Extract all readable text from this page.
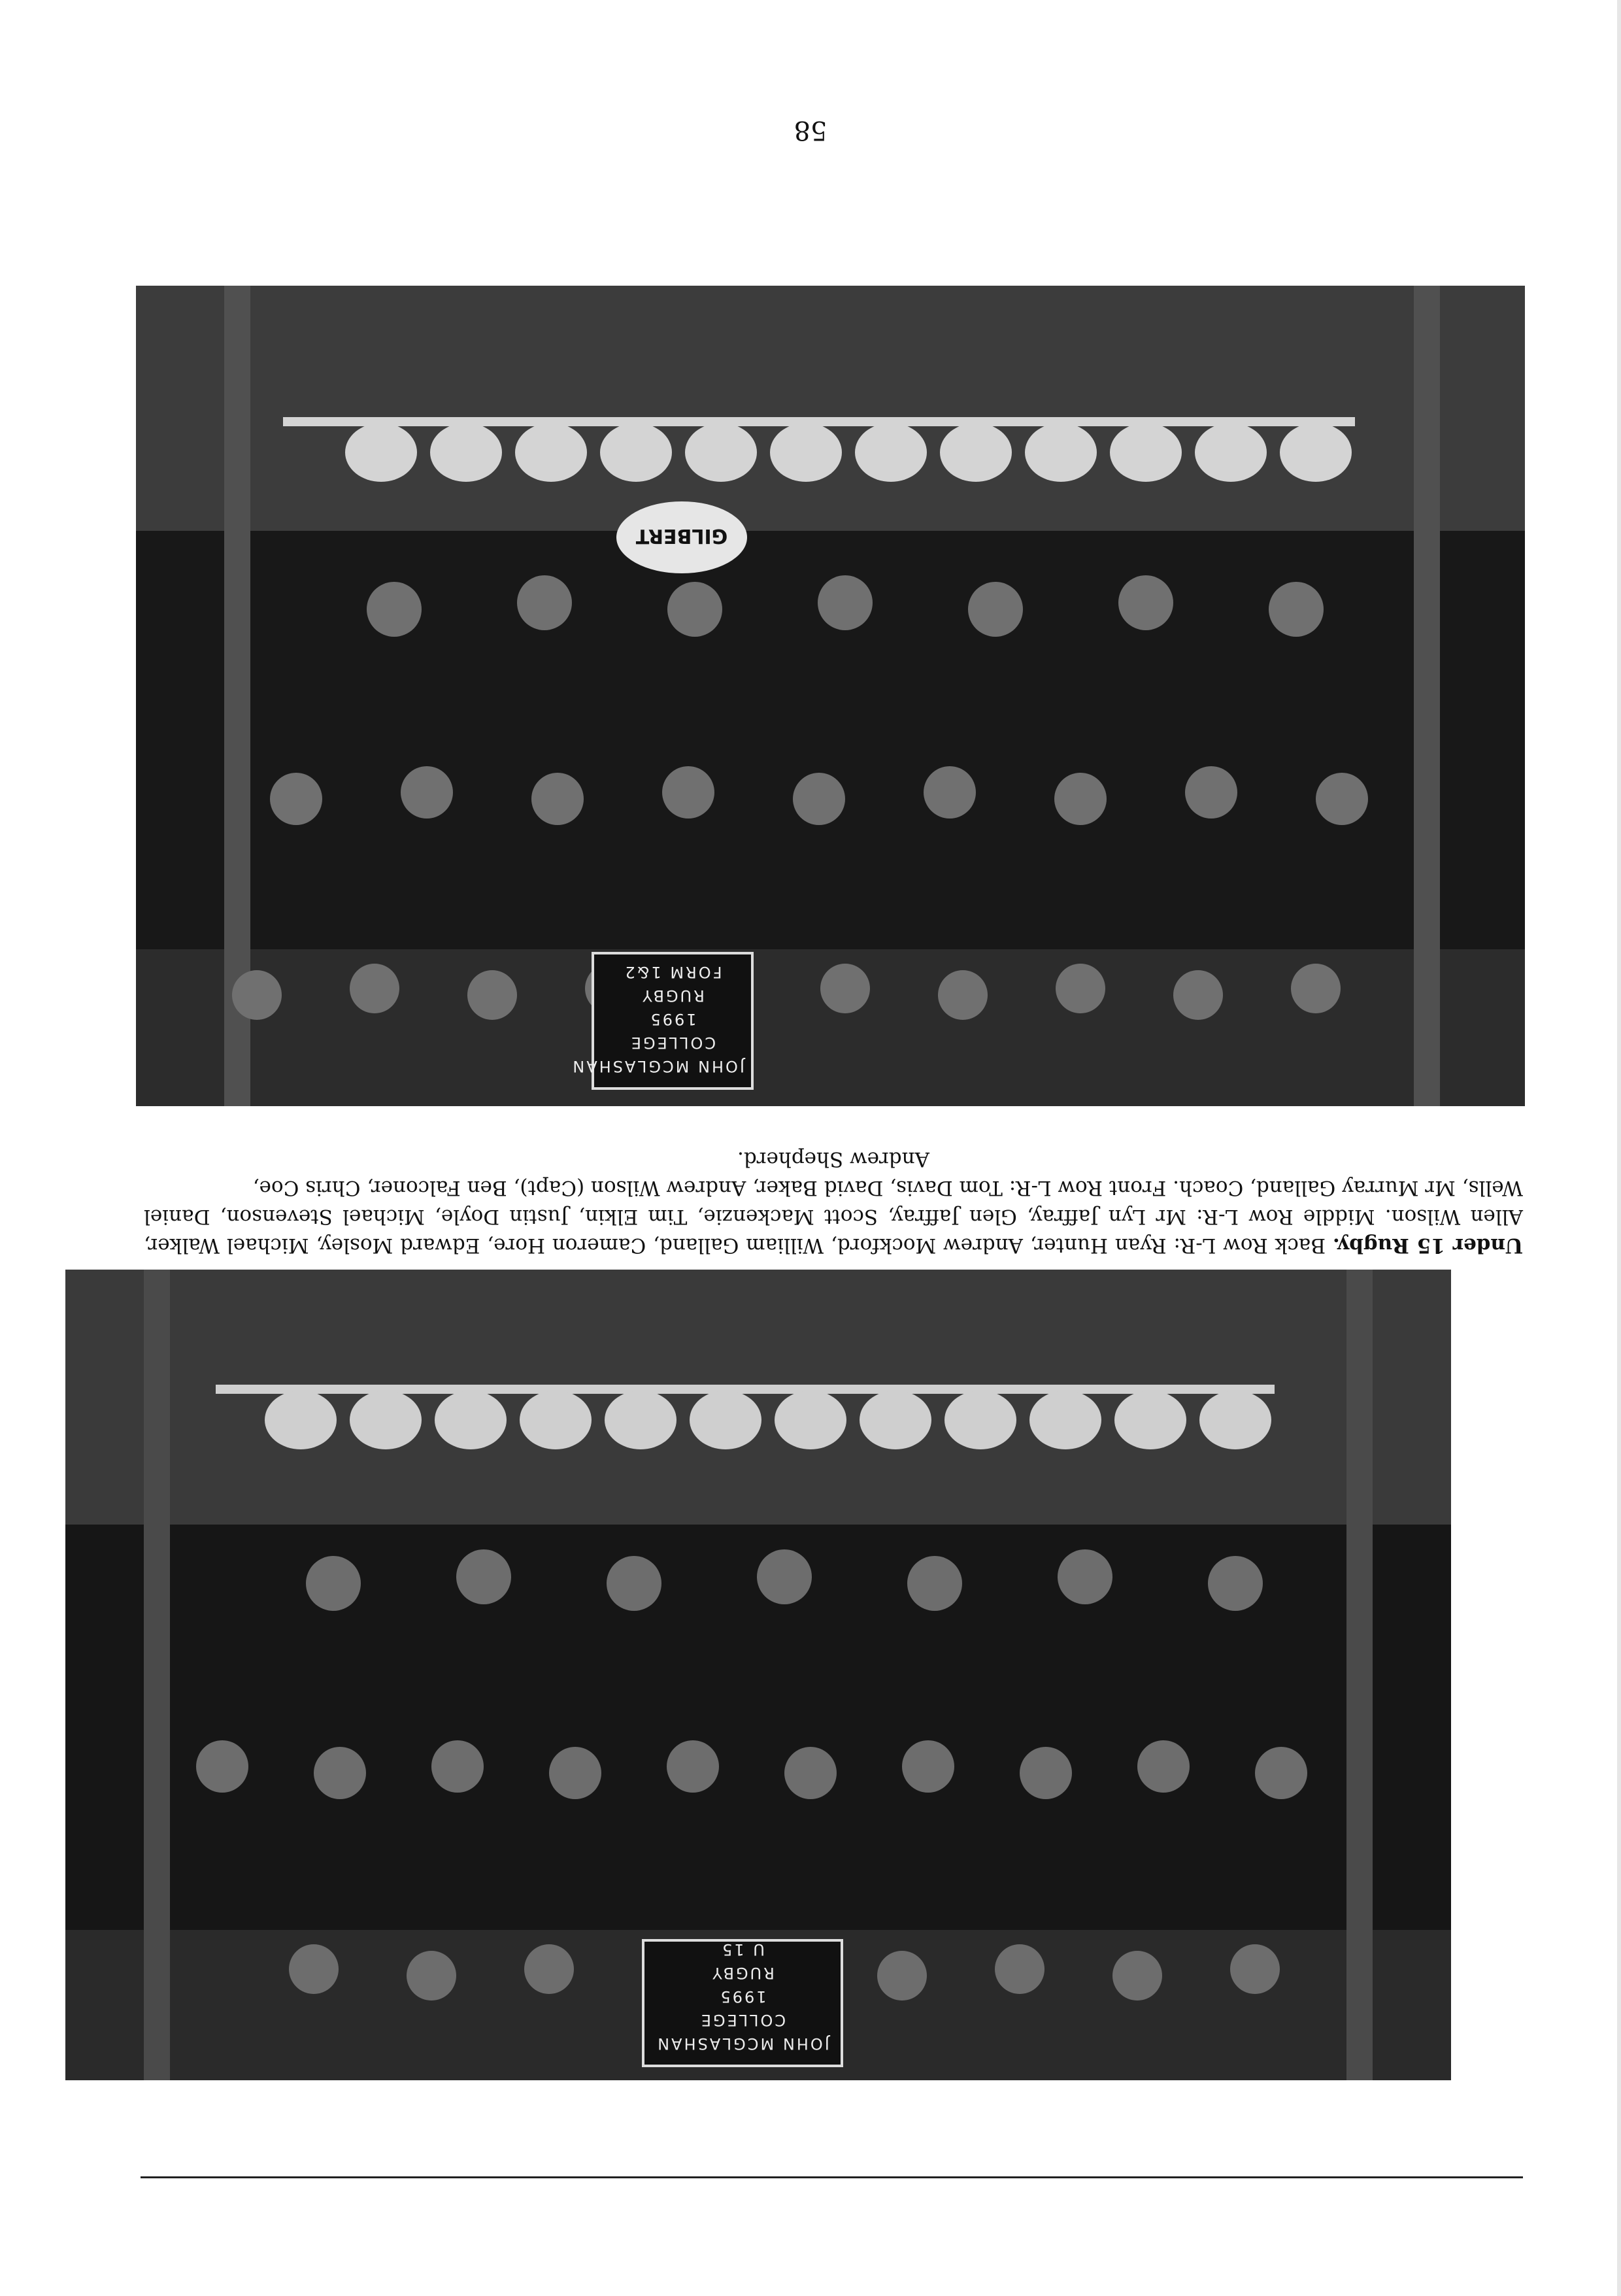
JOHN MCGLASHAN
COLLEGE
1995
RUGBY
U 15
GILBERT
JOHN MCGLASHAN
COLLEGE
1995
RUGBY
FORM 1&2
Under 15 Rugby. Back Row L-R: Ryan Hunter, Andrew Mockford, William Galland, Cameron Hore, Edward Mosley, Michael Walker, Allen Wilson. Middle Row L-R: Mr Lyn Jaffray, Glen Jaffray, Scott Mackenzie, Tim Elkin, Justin Doyle, Michael Stevenson, Daniel Wells, Mr Murray Galland, Coach. Front Row L-R: Tom Davis, David Baker, Andrew Wilson (Capt), Ben Falconer, Chris Coe,
Andrew Shepherd.
58
